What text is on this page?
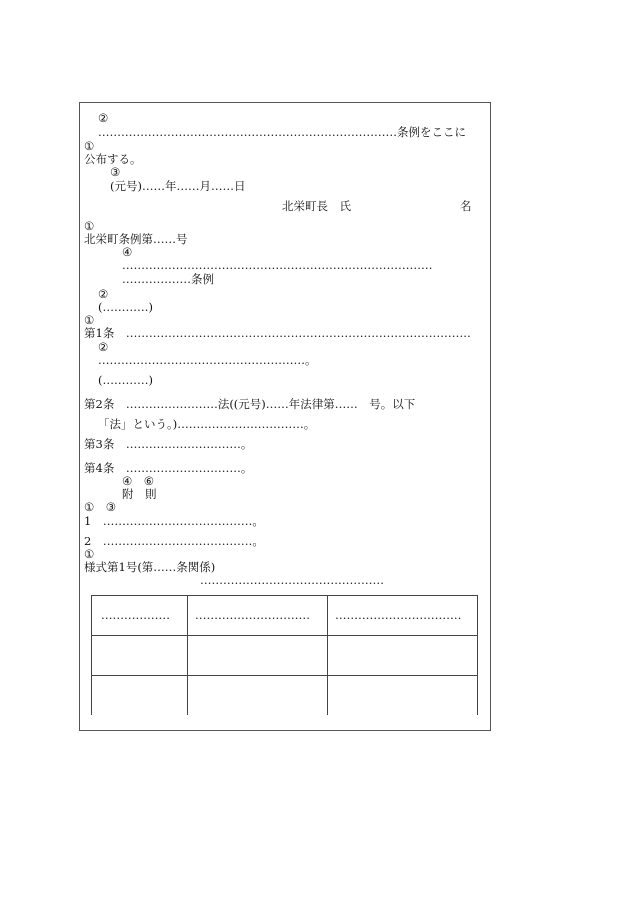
②
……………………………………………………………………条例をここに
①
公布する。
③
(元号)……年……月……日
北栄町長　氏	名
①
北栄町条例第……号
④
………………………………………………………………………
………………条例
②
(…………)
①
第1条　………………………………………………………………………………
②
………………………………………………。
(…………)
第2条　……………………法((元号)……年法律第……　号。以下
「法」という。)……………………………。
第3条　…………………………。
第4条　…………………………。
④　⑥
附　則
①　③
1　…………………………………。
2　…………………………………。
①
様式第1号(第……条関係)
…………………………………………
……………… ………………………… ……………………………
